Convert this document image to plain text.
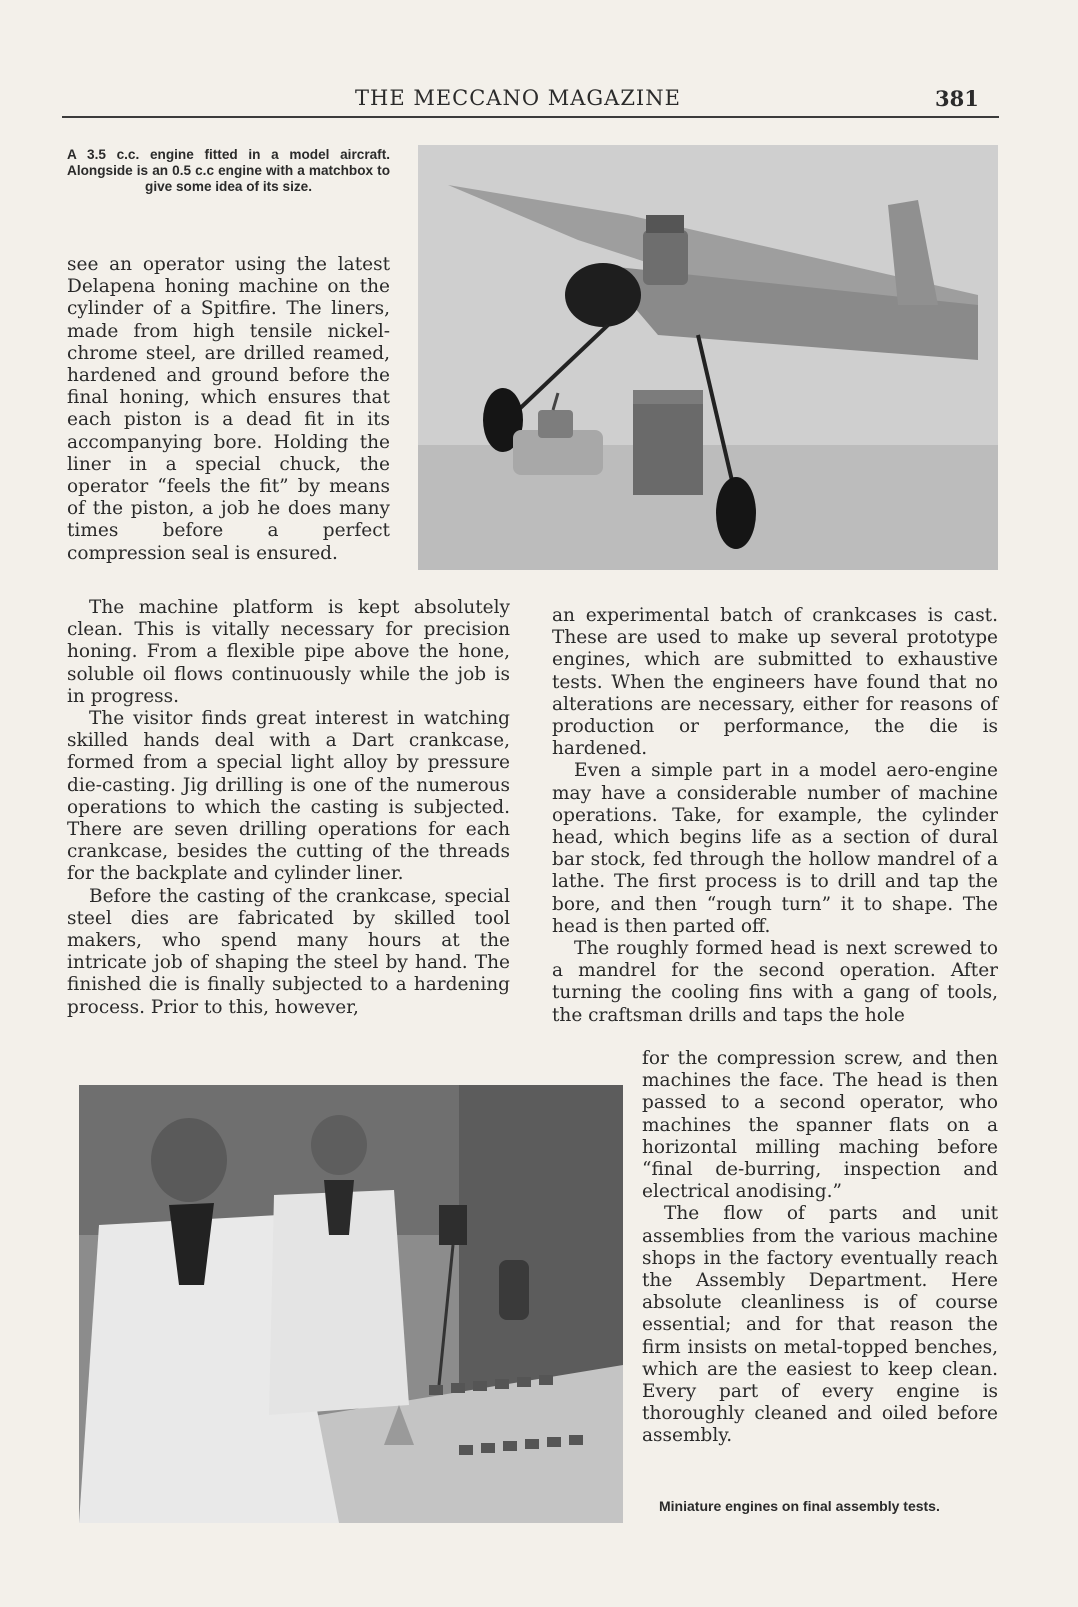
THE MECCANO MAGAZINE	381
A 3.5 c.c. engine fitted in a model aircraft. Alongside is an 0.5 c.c engine with a matchbox to give some idea of its size.

see an operator using the latest Delapena honing machine on the cylinder of a Spitfire. The liners, made from high tensile nickel-chrome steel, are drilled reamed, hardened and ground before the final honing, which ensures that each piston is a dead fit in its accompanying bore. Holding the liner in a special chuck, the operator “feels the fit” by means of the piston, a job he does many times before a perfect compression seal is ensured.

The machine platform is kept absolutely clean. This is vitally necessary for precision honing. From a flexible pipe above the hone, soluble oil flows continuously while the job is in progress.

The visitor finds great interest in watching skilled hands deal with a Dart crankcase, formed from a special light alloy by pressure die-casting. Jig drilling is one of the numerous operations to which the casting is subjected. There are seven drilling operations for each crankcase, besides the cutting of the threads for the backplate and cylinder liner.

Before the casting of the crankcase, special steel dies are fabricated by skilled tool makers, who spend many hours at the intricate job of shaping the steel by hand. The finished die is finally subjected to a hardening process. Prior to this, however,

an experimental batch of crankcases is cast. These are used to make up several prototype engines, which are submitted to exhaustive tests. When the engineers have found that no alterations are necessary, either for reasons of production or performance, the die is hardened.

Even a simple part in a model aero-engine may have a considerable number of machine operations. Take, for example, the cylinder head, which begins life as a section of dural bar stock, fed through the hollow mandrel of a lathe. The first process is to drill and tap the bore, and then “rough turn” it to shape. The head is then parted off.

The roughly formed head is next screwed to a mandrel for the second operation. After turning the cooling fins with a gang of tools, the craftsman drills and taps the hole

for the compression screw, and then machines the face. The head is then passed to a second operator, who machines the spanner flats on a horizontal milling maching before “final de-burring, inspection and electrical anodising.”

The flow of parts and unit assemblies from the various machine shops in the factory eventually reach the Assembly Department. Here absolute cleanliness is of course essential; and for that reason the firm insists on metal-topped benches, which are the easiest to keep clean. Every part of every engine is thoroughly cleaned and oiled before assembly.

Miniature engines on final assembly tests.
